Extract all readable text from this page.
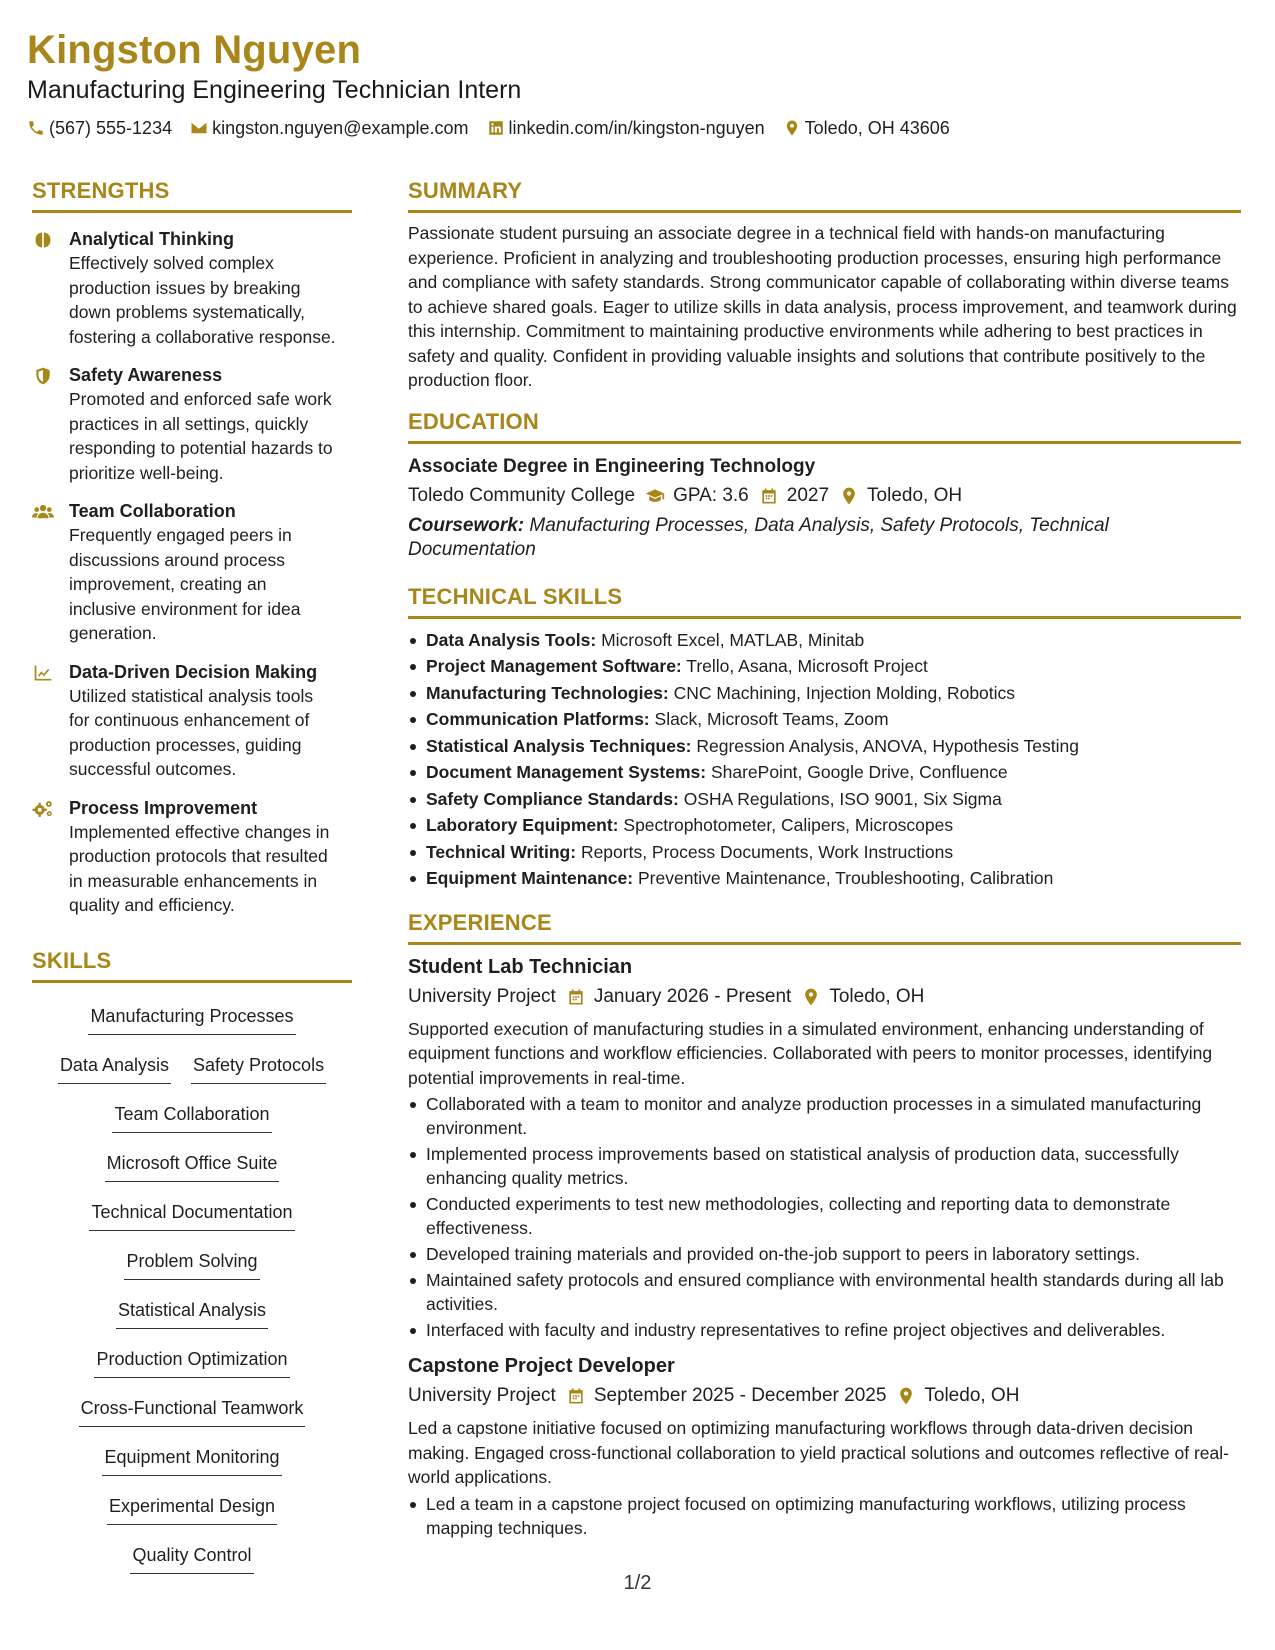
Kingston Nguyen
Manufacturing Engineering Technician Intern
(567) 555-1234 kingston.nguyen@example.com linkedin.com/in/kingston-nguyen Toledo, OH 43606
STRENGTHS
Analytical Thinking
Effectively solved complex production issues by breaking down problems systematically, fostering a collaborative response.
Safety Awareness
Promoted and enforced safe work practices in all settings, quickly responding to potential hazards to prioritize well-being.
Team Collaboration
Frequently engaged peers in discussions around process improvement, creating an inclusive environment for idea generation.
Data-Driven Decision Making
Utilized statistical analysis tools for continuous enhancement of production processes, guiding successful outcomes.
Process Improvement
Implemented effective changes in production protocols that resulted in measurable enhancements in quality and efficiency.
SKILLS
Manufacturing Processes
Data Analysis Safety Protocols
Team Collaboration
Microsoft Office Suite
Technical Documentation
Problem Solving
Statistical Analysis
Production Optimization
Cross-Functional Teamwork
Equipment Monitoring
Experimental Design
Quality Control
SUMMARY
Passionate student pursuing an associate degree in a technical field with hands-on manufacturing experience. Proficient in analyzing and troubleshooting production processes, ensuring high performance and compliance with safety standards. Strong communicator capable of collaborating within diverse teams to achieve shared goals. Eager to utilize skills in data analysis, process improvement, and teamwork during this internship. Commitment to maintaining productive environments while adhering to best practices in safety and quality. Confident in providing valuable insights and solutions that contribute positively to the production floor.
EDUCATION
Associate Degree in Engineering Technology
Toledo Community College GPA: 3.6 2027 Toledo, OH
Coursework: Manufacturing Processes, Data Analysis, Safety Protocols, Technical Documentation
TECHNICAL SKILLS
Data Analysis Tools: Microsoft Excel, MATLAB, Minitab
Project Management Software: Trello, Asana, Microsoft Project
Manufacturing Technologies: CNC Machining, Injection Molding, Robotics
Communication Platforms: Slack, Microsoft Teams, Zoom
Statistical Analysis Techniques: Regression Analysis, ANOVA, Hypothesis Testing
Document Management Systems: SharePoint, Google Drive, Confluence
Safety Compliance Standards: OSHA Regulations, ISO 9001, Six Sigma
Laboratory Equipment: Spectrophotometer, Calipers, Microscopes
Technical Writing: Reports, Process Documents, Work Instructions
Equipment Maintenance: Preventive Maintenance, Troubleshooting, Calibration
EXPERIENCE
Student Lab Technician
University Project January 2026 - Present Toledo, OH
Supported execution of manufacturing studies in a simulated environment, enhancing understanding of equipment functions and workflow efficiencies. Collaborated with peers to monitor processes, identifying potential improvements in real-time.
Collaborated with a team to monitor and analyze production processes in a simulated manufacturing environment.
Implemented process improvements based on statistical analysis of production data, successfully enhancing quality metrics.
Conducted experiments to test new methodologies, collecting and reporting data to demonstrate effectiveness.
Developed training materials and provided on-the-job support to peers in laboratory settings.
Maintained safety protocols and ensured compliance with environmental health standards during all lab activities.
Interfaced with faculty and industry representatives to refine project objectives and deliverables.
Capstone Project Developer
University Project September 2025 - December 2025 Toledo, OH
Led a capstone initiative focused on optimizing manufacturing workflows through data-driven decision making. Engaged cross-functional collaboration to yield practical solutions and outcomes reflective of real-world applications.
Led a team in a capstone project focused on optimizing manufacturing workflows, utilizing process mapping techniques.
1/2
